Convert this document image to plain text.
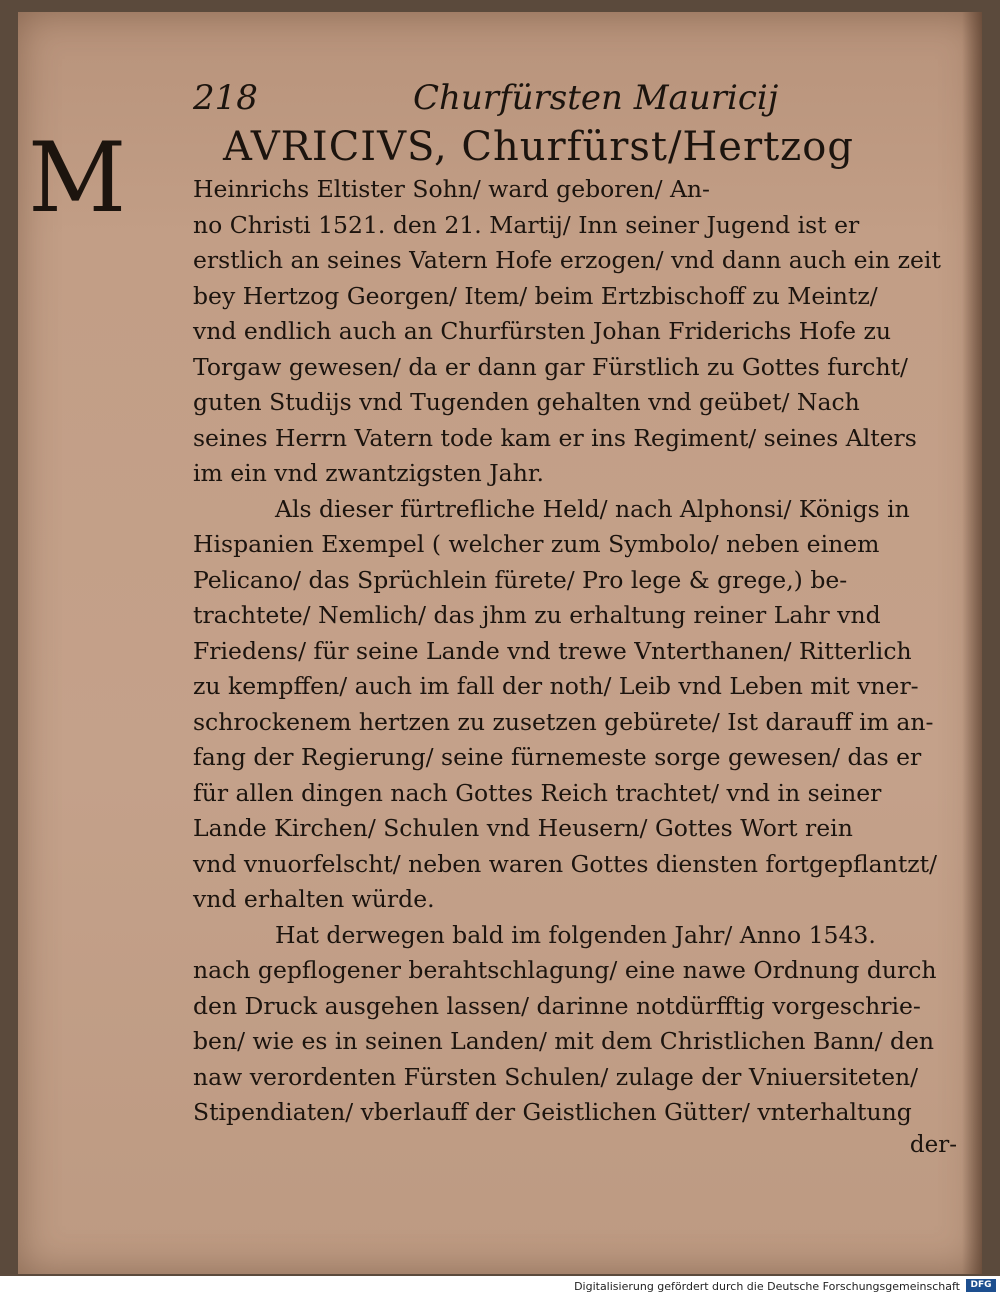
M
218	Churfürsten Mauricij
AVRICIVS, Churfürst/Hertzog
Heinrichs Eltister Sohn/ ward geboren/ An-
no Christi 1521. den 21. Martij/ Inn seiner Jugend ist er
erstlich an seines Vatern Hofe erzogen/ vnd dann auch ein zeit
bey Hertzog Georgen/ Item/ beim Ertzbischoff zu Meintz/
vnd endlich auch an Churfürsten Johan Friderichs Hofe zu
Torgaw gewesen/ da er dann gar Fürstlich zu Gottes furcht/
guten Studijs vnd Tugenden gehalten vnd geübet/ Nach
seines Herrn Vatern tode kam er ins Regiment/ seines Alters
im ein vnd zwantzigsten Jahr.
Als dieser fürtrefliche Held/ nach Alphonsi/ Königs in
Hispanien Exempel ( welcher zum Symbolo/ neben einem
Pelicano/ das Sprüchlein fürete/ Pro lege & grege,) be-
trachtete/ Nemlich/ das jhm zu erhaltung reiner Lahr vnd
Friedens/ für seine Lande vnd trewe Vnterthanen/ Ritterlich
zu kempffen/ auch im fall der noth/ Leib vnd Leben mit vner-
schrockenem hertzen zu zusetzen gebürete/ Ist darauff im an-
fang der Regierung/ seine fürnemeste sorge gewesen/ das er
für allen dingen nach Gottes Reich trachtet/ vnd in seiner
Lande Kirchen/ Schulen vnd Heusern/ Gottes Wort rein
vnd vnuorfelscht/ neben waren Gottes diensten fortgepflantzt/
vnd erhalten würde.
Hat derwegen bald im folgenden Jahr/ Anno 1543.
nach gepflogener berahtschlagung/ eine nawe Ordnung durch
den Druck ausgehen lassen/ darinne notdürfftig vorgeschrie-
ben/ wie es in seinen Landen/ mit dem Christlichen Bann/ den
naw verordenten Fürsten Schulen/ zulage der Vniuersiteten/
Stipendiaten/ vberlauff der Geistlichen Gütter/ vnterhaltung
der-
Digitalisierung gefördert durch die Deutsche Forschungsgemeinschaft	DFG
